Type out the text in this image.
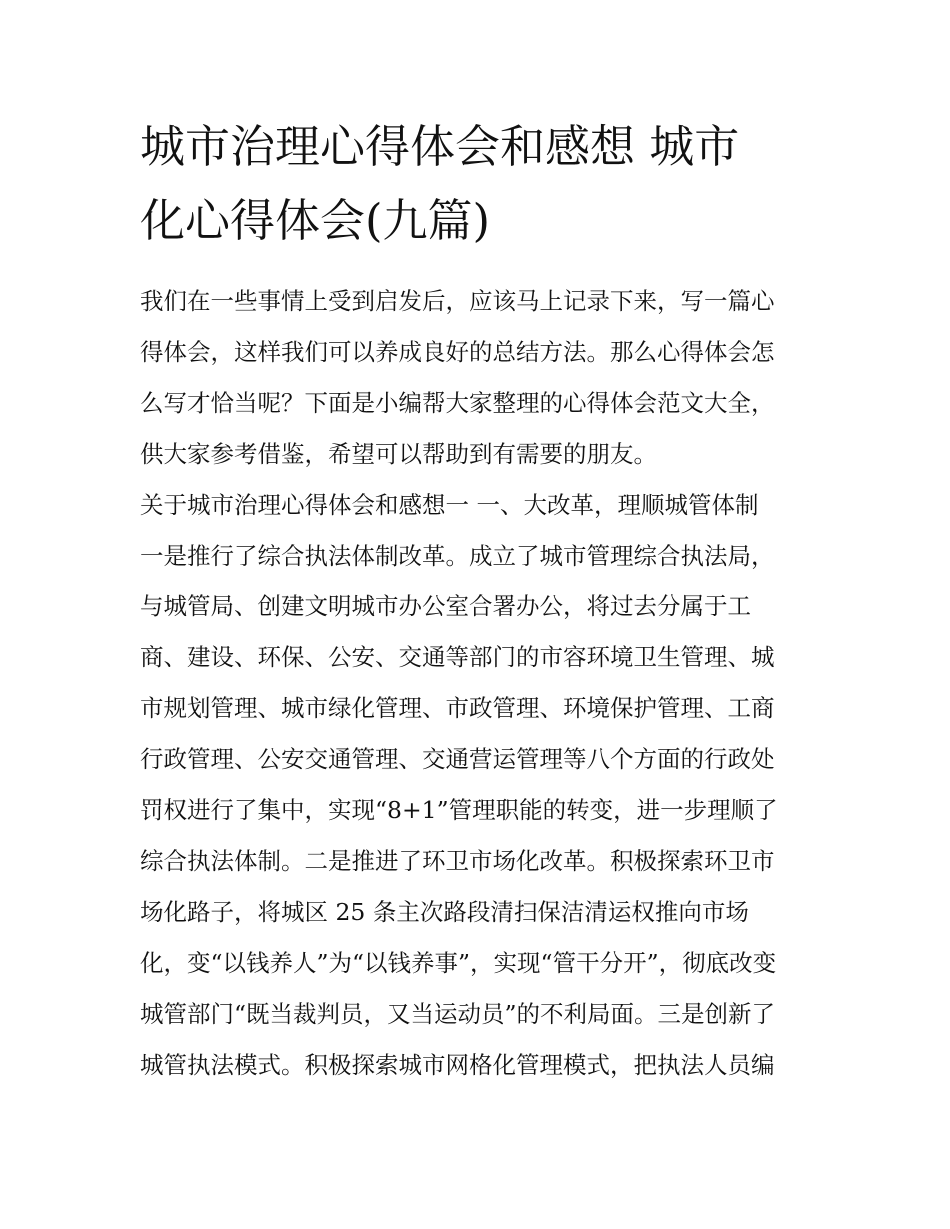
城市治理心得体会和感想 城市
化心得体会(九篇)
我们在一些事情上受到启发后，应该马上记录下来，写一篇心
得体会，这样我们可以养成良好的总结方法。那么心得体会怎
么写才恰当呢？下面是小编帮大家整理的心得体会范文大全，
供大家参考借鉴，希望可以帮助到有需要的朋友。
关于城市治理心得体会和感想一 一、大改革，理顺城管体制
一是推行了综合执法体制改革。成立了城市管理综合执法局，
与城管局、创建文明城市办公室合署办公，将过去分属于工
商、建设、环保、公安、交通等部门的市容环境卫生管理、城
市规划管理、城市绿化管理、市政管理、环境保护管理、工商
行政管理、公安交通管理、交通营运管理等八个方面的行政处
罚权进行了集中，实现“8+1”管理职能的转变，进一步理顺了
综合执法体制。二是推进了环卫市场化改革。积极探索环卫市
场化路子，将城区 25 条主次路段清扫保洁清运权推向市场
化，变“以钱养人”为“以钱养事”，实现“管干分开”，彻底改变
城管部门“既当裁判员，又当运动员”的不利局面。三是创新了
城管执法模式。积极探索城市网格化管理模式，把执法人员编
